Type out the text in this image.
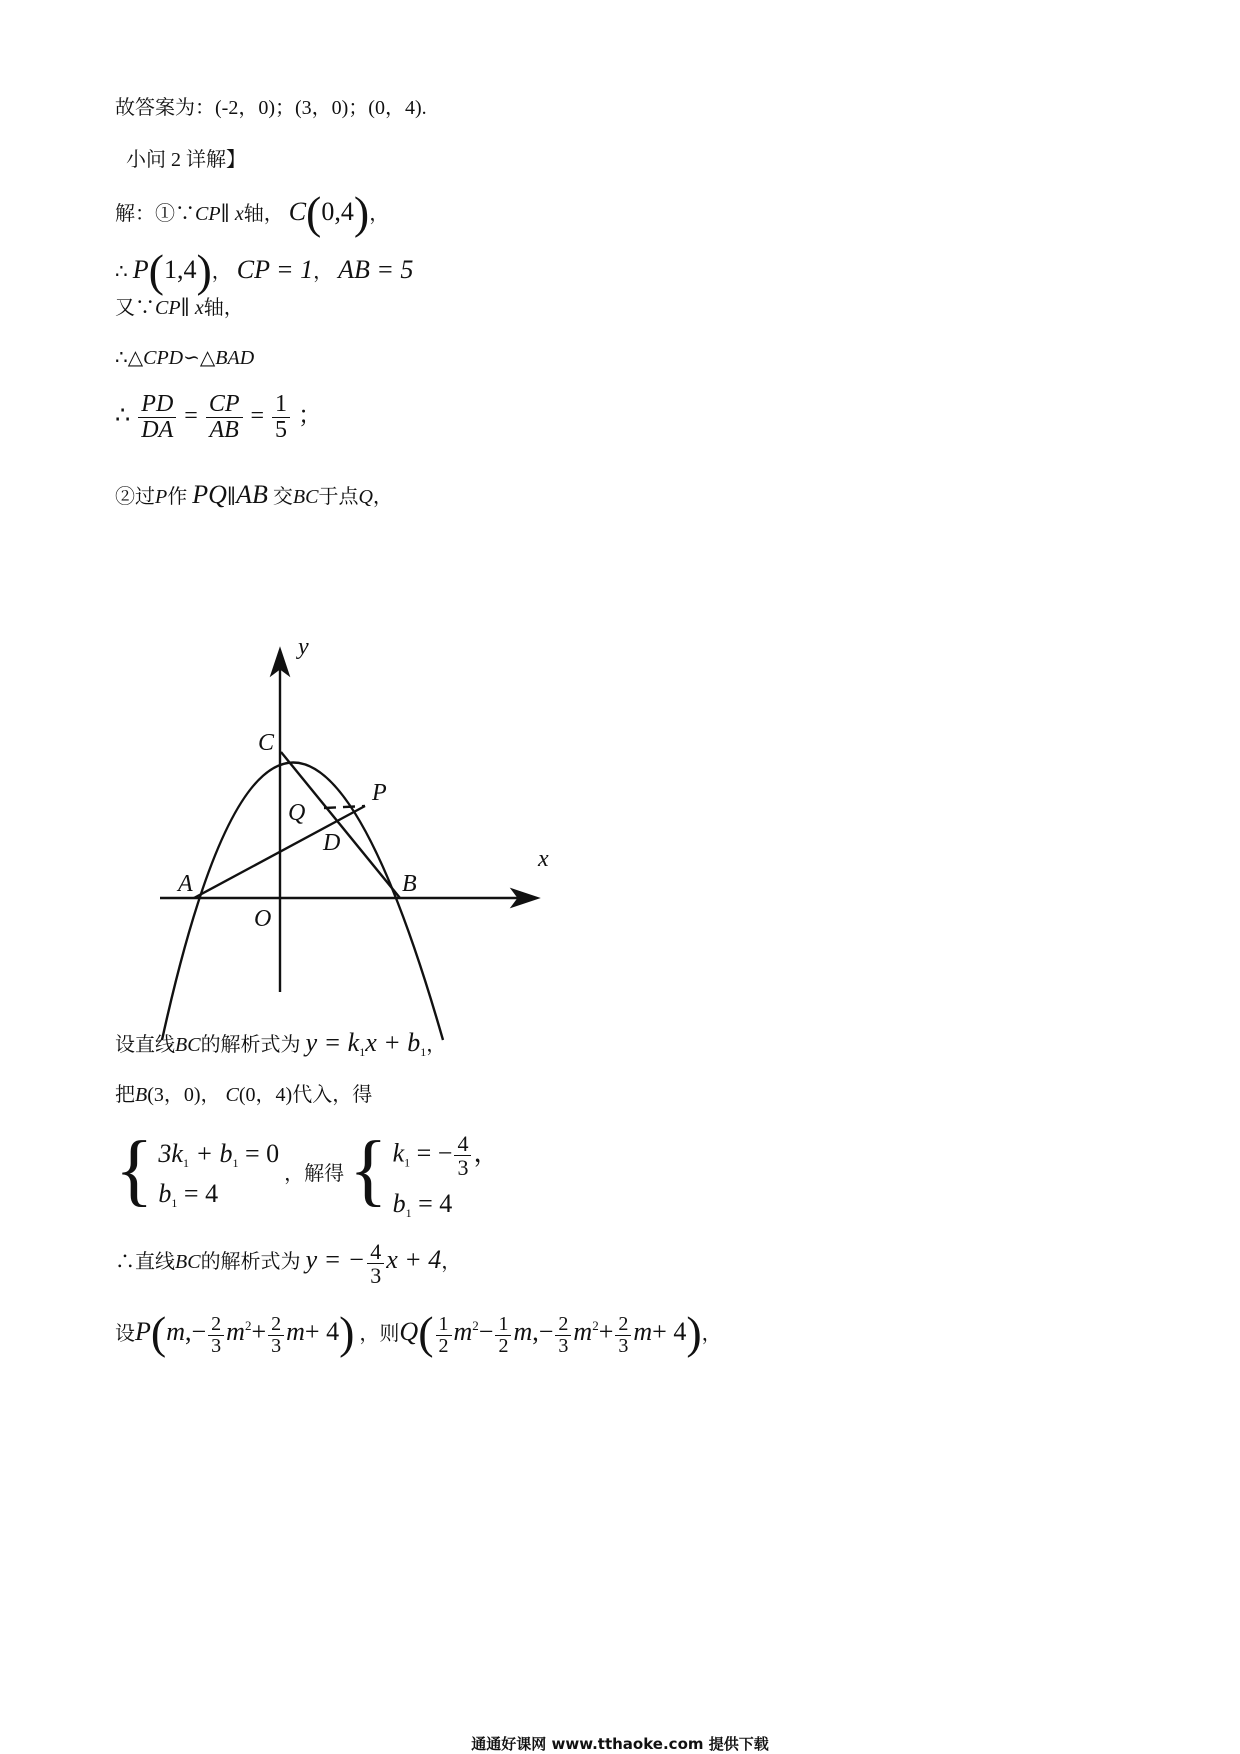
故答案为：(-2，0)；(3，0)；(0，4).
小问 2 详解】
解：①∵CP∥ x轴， C(0,4)，
∴ P(1,4)， CP = 1， AB = 5
又∵CP∥ x轴，
∴△CPD∽△BAD
∴ $\frac{PD}{DA} = \frac{CP}{AB} = \frac{1}{5}$ ；
②过P作 PQ∥AB 交BC于点Q，
y
x
C
P
Q
D
A	B
O
设直线BC的解析式为 $y = k_1x + b_1$，
把B(3，0)， C(0，4)代入，得
{ $3k_1 + b_1 = 0$
$b_1 = 4$
，解得 { $k_1$ = − $\frac{4}{3}$ ，
$b_1 = 4$
∴直线BC的解析式为 y = − $\frac{4}{3}$ x + 4，
设$P(m,- \frac{2}{3} m^2+ \frac{2}{3} m+ 4)$ ，则$Q( \frac{1}{2} m^2- \frac{1}{2} m,- \frac{2}{3} m^2+ \frac{2}{3} m+ 4)$，
通通好课网 www.tthaoke.com 提供下载
